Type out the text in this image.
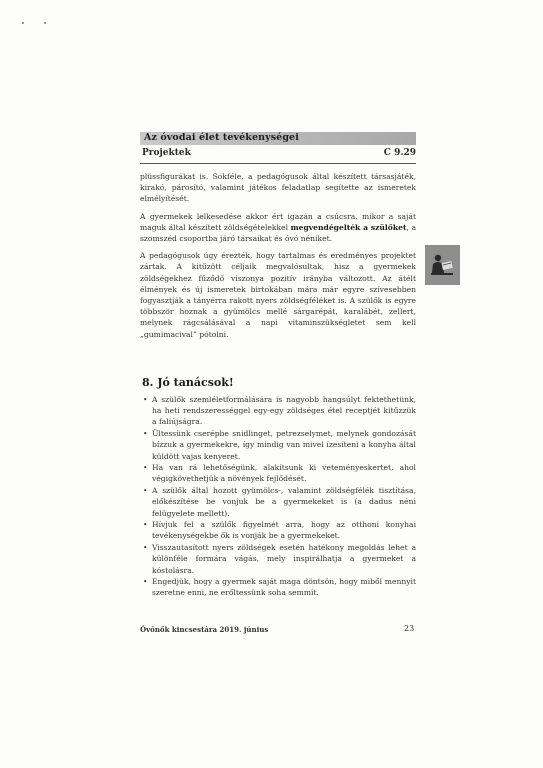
Az óvodai élet tevékenységei
Projektek	C 9.29

plüssfigurákat is. Sokféle, a pedagógusok által készített társasjáték, kirakó, párosító, valamint játékos feladatlap segítette az ismeretek elmélyítését.

A gyermekek lelkesedése akkor ért igazán a csúcsra, mikor a saját maguk által készített zöldségételekkel megvendégelték a szülőket, a szomszéd csoportba járó társaikat és óvó néniket.

A pedagógusok úgy érezték, hogy tartalmas és eredményes projektet zártak. A kitűzött céljaik megvalósultak, hisz a gyermekek zöldségekhez fűződő viszonya pozitív irányba változott. Az átélt élmények és új ismeretek birtokában mára már egyre szívesebben fogyasztják a tányérra rakott nyers zöldségféléket is. A szülők is egyre többször hoznak a gyümölcs mellé sárgarépát, karalábét, zellert, melynek rágcsálásával a napi vitaminszükségletet sem kell „gumimacival” pótolni.

8. Jó tanácsok!
• A szülők szemléletformálására is nagyobb hangsúlyt fektethetünk, ha heti rendszerességgel egy-egy zöldséges étel receptjét kitűzzük a faliújságra.
• Ültessünk cserépbe snidlinget, petrezselymet, melynek gondozását bízzuk a gyermekekre, így mindig van mivel ízesíteni a konyha által küldött vajas kenyeret.
• Ha van rá lehetőségünk, alakítsunk ki veteményeskertet, ahol végigkövethetjük a növények fejlődését.
• A szülők által hozott gyümölcs-, valamint zöldségfélék tisztítása, előkészítése be vonjuk be a gyermekeket is (a dadus néni felügyelete mellett).
• Hívjuk fel a szülők figyelmét arra, hogy az otthoni konyhai tevékenységekbe ők is vonják be a gyermekeket.
• Visszautasított nyers zöldségek esetén hatékony megoldás lehet a különféle formára vágás, mely inspirálhatja a gyermeket a kóstolásra.
• Engedjük, hogy a gyermek saját maga döntsön, hogy miből mennyit szeretne enni, ne erőltessünk soha semmit.
Óvónők kincsestára 2019. június	23
